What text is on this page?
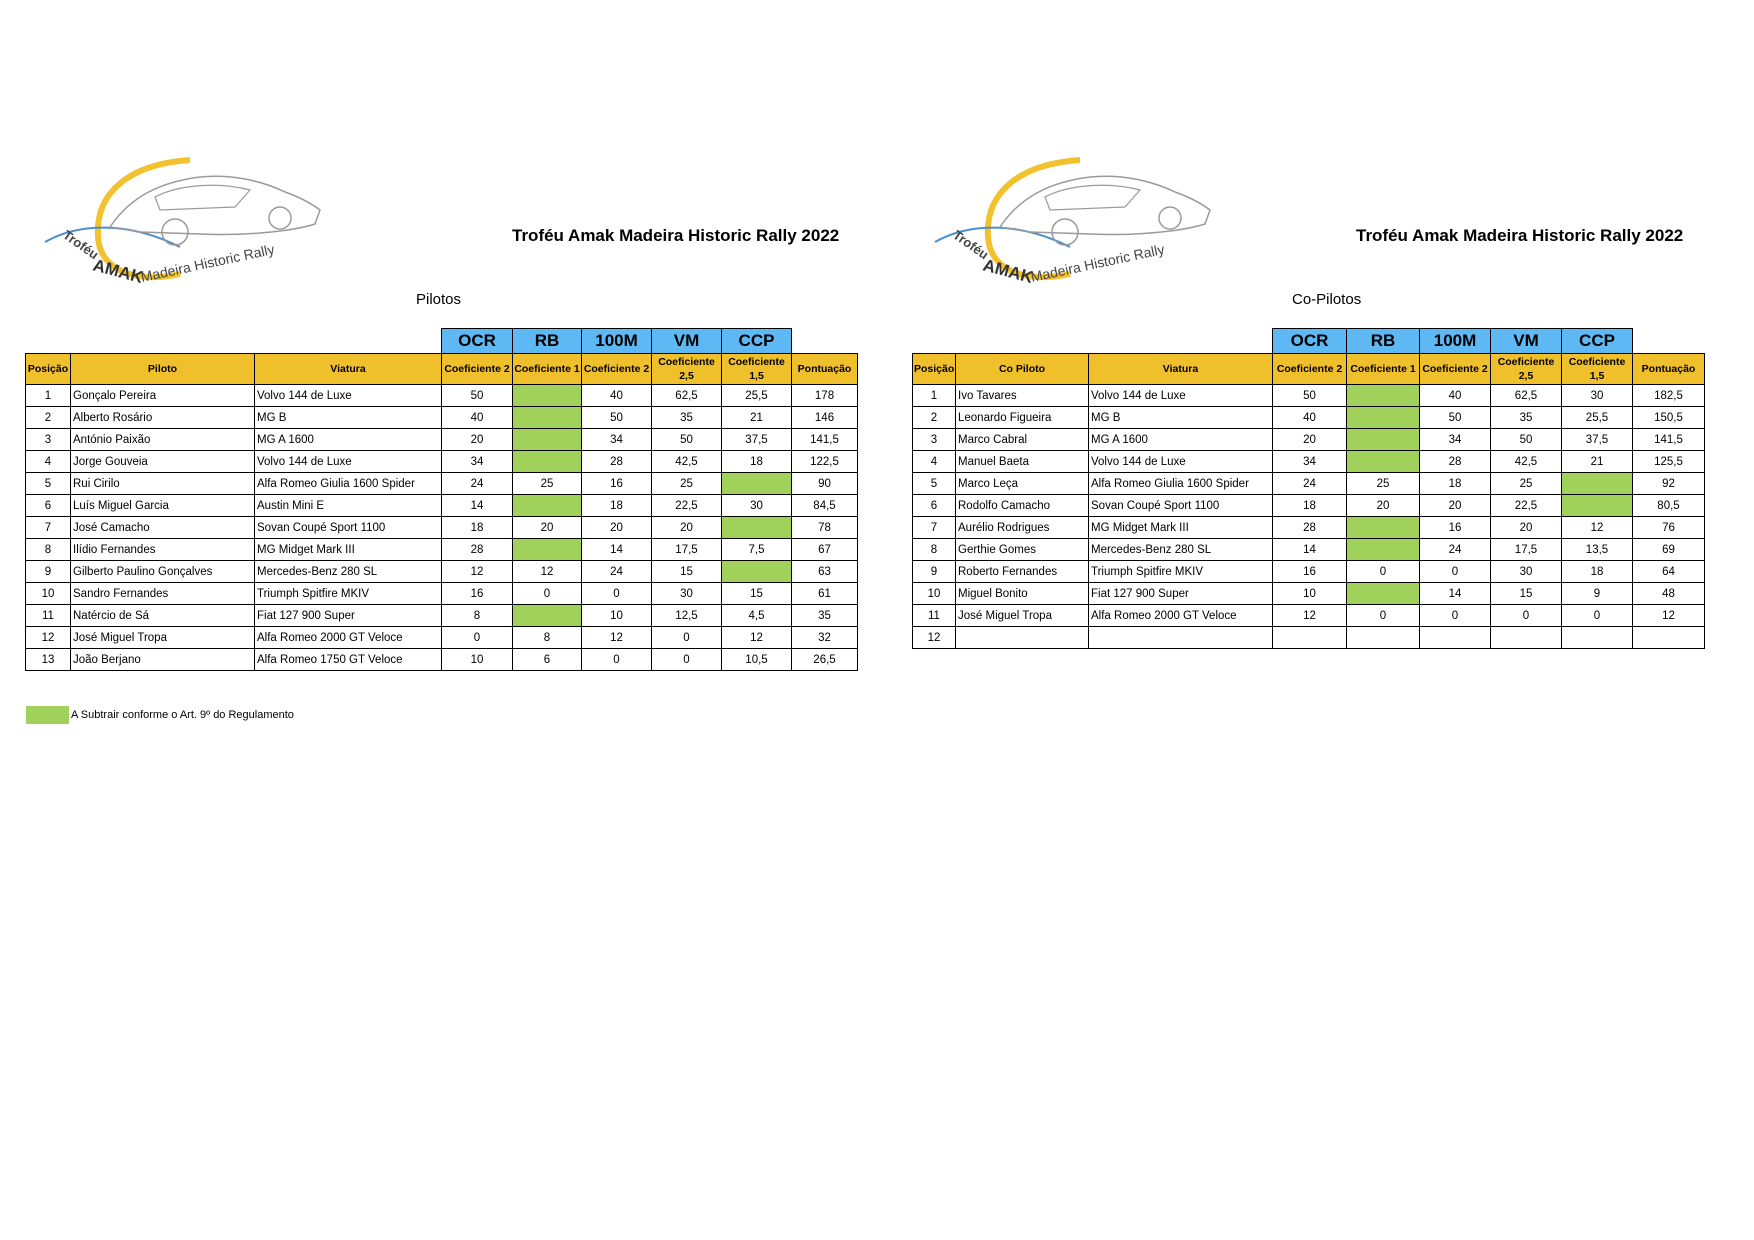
Troféu
AMAK
Madeira Historic Rally	Troféu
AMAK
Madeira Historic Rally
Troféu Amak Madeira Historic Rally 2022	Troféu Amak Madeira Historic Rally 2022
Pilotos	Co-Pilotos
			OCR	RB	100M	VM	CCP	
Posição	Piloto	Viatura	Coeficiente 2	Coeficiente 1	Coeficiente 2	Coeficiente 2,5	Coeficiente 1,5	Pontuação
1	Gonçalo Pereira	Volvo 144 de Luxe	50		40	62,5	25,5	178
2	Alberto Rosário	MG B	40		50	35	21	146
3	António Paixão	MG A 1600	20		34	50	37,5	141,5
4	Jorge Gouveia	Volvo 144 de Luxe	34		28	42,5	18	122,5
5	Rui Cirilo	Alfa Romeo Giulia 1600 Spider	24	25	16	25		90
6	Luís Miguel Garcia	Austin Mini E	14		18	22,5	30	84,5
7	José Camacho	Sovan Coupé Sport 1100	18	20	20	20		78
8	Ilídio Fernandes	MG Midget Mark III	28		14	17,5	7,5	67
9	Gilberto Paulino Gonçalves	Mercedes-Benz 280 SL	12	12	24	15		63
10	Sandro Fernandes	Triumph Spitfire MKIV	16	0	0	30	15	61
11	Natércio de Sá	Fiat 127 900 Super	8		10	12,5	4,5	35
12	José Miguel Tropa	Alfa Romeo 2000 GT Veloce	0	8	12	0	12	32
13	João Berjano	Alfa Romeo 1750 GT Veloce	10	6	0	0	10,5	26,5
			OCR	RB	100M	VM	CCP	
Posição	Co Piloto	Viatura	Coeficiente 2	Coeficiente 1	Coeficiente 2	Coeficiente 2,5	Coeficiente 1,5	Pontuação
1	Ivo Tavares	Volvo 144 de Luxe	50		40	62,5	30	182,5
2	Leonardo Figueira	MG B	40		50	35	25,5	150,5
3	Marco Cabral	MG A 1600	20		34	50	37,5	141,5
4	Manuel Baeta	Volvo 144 de Luxe	34		28	42,5	21	125,5
5	Marco Leça	Alfa Romeo Giulia 1600 Spider	24	25	18	25		92
6	Rodolfo Camacho	Sovan Coupé Sport 1100	18	20	20	22,5		80,5
7	Aurélio Rodrigues	MG Midget Mark III	28		16	20	12	76
8	Gerthie Gomes	Mercedes-Benz 280 SL	14		24	17,5	13,5	69
9	Roberto Fernandes	Triumph Spitfire MKIV	16	0	0	30	18	64
10	Miguel Bonito	Fiat 127 900 Super	10		14	15	9	48
11	José Miguel Tropa	Alfa Romeo 2000 GT Veloce	12	0	0	0	0	12
12								
A Subtrair conforme o Art. 9º do Regulamento
